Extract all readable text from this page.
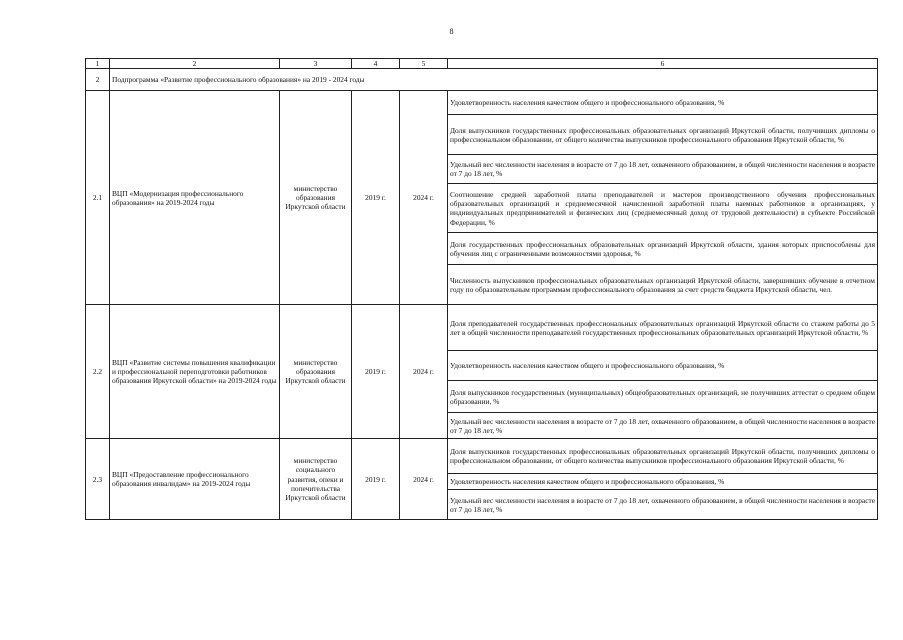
8
1	2	3	4	5	6
2	Подпрограмма «Развитие профессионального образования» на 2019 - 2024 годы				
2.1	ВЦП «Модернизация профессионального образования» на 2019-2024 годы	министерство образования Иркутской области	2019 г.	2024 г.	Удовлетворенность населения качеством общего и профессионального образования, %
					Доля выпускников государственных профессиональных образовательных организаций Иркутской области, получивших дипломы о профессиональном образовании, от общего количества выпускников профессионального образования Иркутской области, %
					Удельный вес численности населения в возрасте от 7 до 18 лет, охваченного образованием, в общей численности населения в возрасте от 7 до 18 лет, %
					Соотношение средней заработной платы преподавателей и мастеров производственного обучения профессиональных образовательных организаций и среднемесячной начисленной заработной платы наемных работников в организациях, у индивидуальных предпринимателей и физических лиц (среднемесячный доход от трудовой деятельности) в субъекте Российской Федерации, %
					Доля государственных профессиональных образовательных организаций Иркутской области, здания которых приспособлены для обучения лиц с ограниченными возможностями здоровья, %
					Численность выпускников профессиональных образовательных организаций Иркутской области, завершивших обучение в отчетном году по образовательным программам профессионального образования за счет средств бюджета Иркутской области, чел.
2.2	ВЦП «Развитие системы повышения квалификации и профессиональной переподготовки работников образования Иркутской области» на 2019-2024 годы	министерство образования Иркутской области	2019 г.	2024 г.	Доля преподавателей государственных профессиональных образовательных организаций Иркутской области со стажем работы до 5 лет в общей численности преподавателей государственных профессиональных образовательных организаций Иркутской области, %
					Удовлетворенность населения качеством общего и профессионального образования, %
					Доля выпускников государственных (муниципальных) общеобразовательных организаций, не получивших аттестат о среднем общем образовании, %
					Удельный вес численности населения в возрасте от 7 до 18 лет, охваченного образованием, в общей численности населения в возрасте от 7 до 18 лет, %
2.3	ВЦП «Предоставление профессионального образования инвалидам» на 2019-2024 годы	министерство социального развития, опеки и попечительства Иркутской области	2019 г.	2024 г.	Доля выпускников государственных профессиональных образовательных организаций Иркутской области, получивших дипломы о профессиональном образовании, от общего количества выпускников профессионального образования Иркутской области, %
					Удовлетворенность населения качеством общего и профессионального образования, %
					Удельный вес численности населения в возрасте от 7 до 18 лет, охваченного образованием, в общей численности населения в возрасте от 7 до 18 лет, %
